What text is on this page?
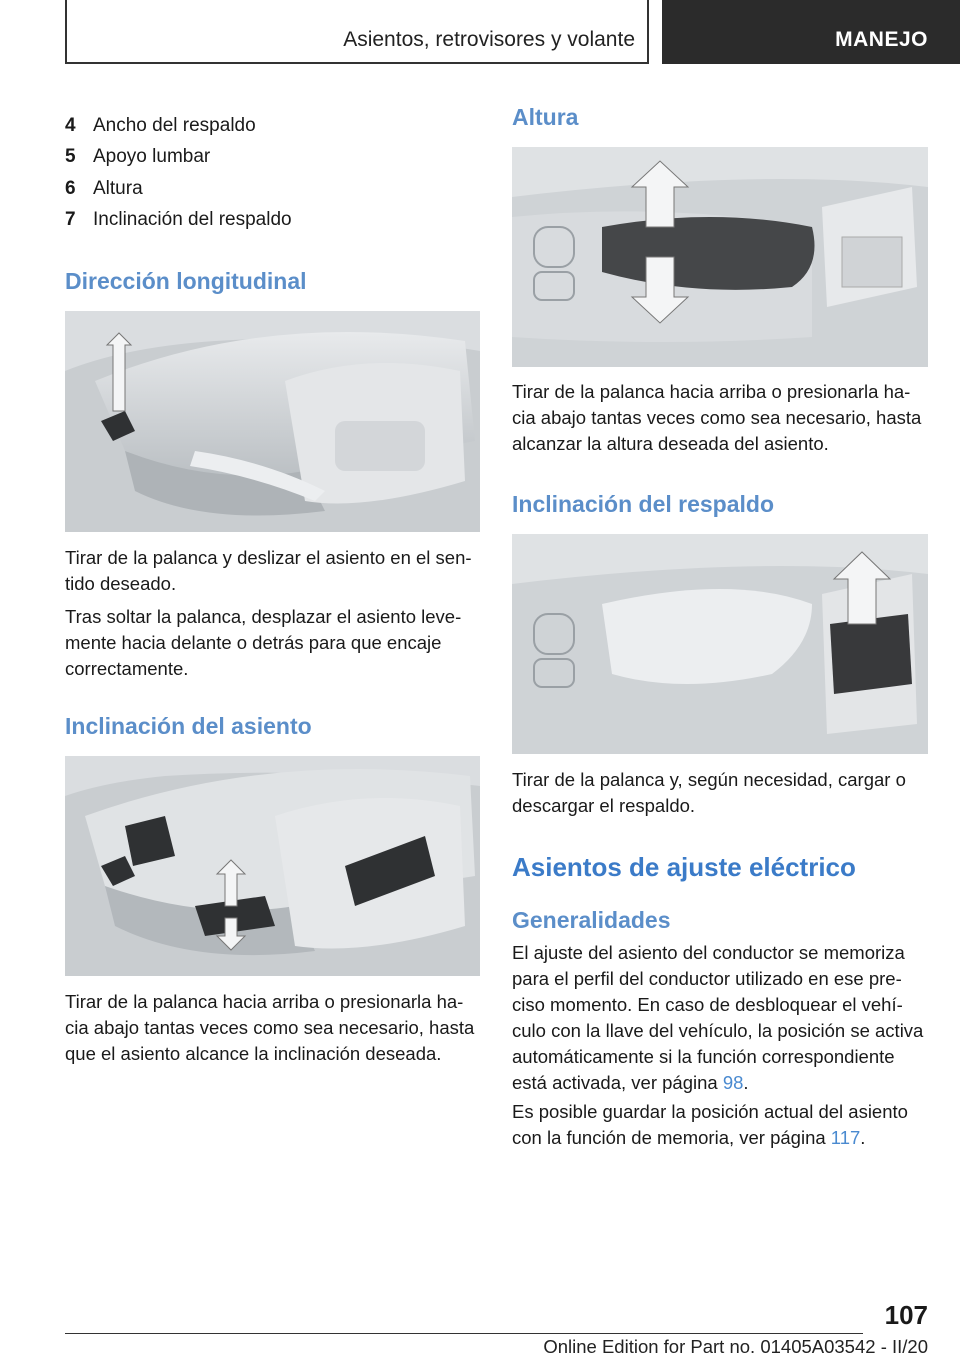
Asientos, retrovisores y volante	MANEJO
4 Ancho del respaldo
5 Apoyo lumbar
6 Altura
7 Inclinación del respaldo
Dirección longitudinal

Tirar de la palanca y deslizar el asiento en el sen-tido deseado.

Tras soltar la palanca, desplazar el asiento leve-mente hacia delante o detrás para que encaje correctamente.

Inclinación del asiento

Tirar de la palanca hacia arriba o presionarla ha-cia abajo tantas veces como sea necesario, hasta que el asiento alcance la inclinación deseada.

Altura

Tirar de la palanca hacia arriba o presionarla ha-cia abajo tantas veces como sea necesario, hasta alcanzar la altura deseada del asiento.

Inclinación del respaldo

Tirar de la palanca y, según necesidad, cargar o descargar el respaldo.

Asientos de ajuste eléctrico
Generalidades

El ajuste del asiento del conductor se memoriza para el perfil del conductor utilizado en ese pre-ciso momento. En caso de desbloquear el vehí-culo con la llave del vehículo, la posición se activa automáticamente si la función correspondiente está activada, ver página 98.

Es posible guardar la posición actual del asiento con la función de memoria, ver página 117.

107
Online Edition for Part no. 01405A03542 - II/20
